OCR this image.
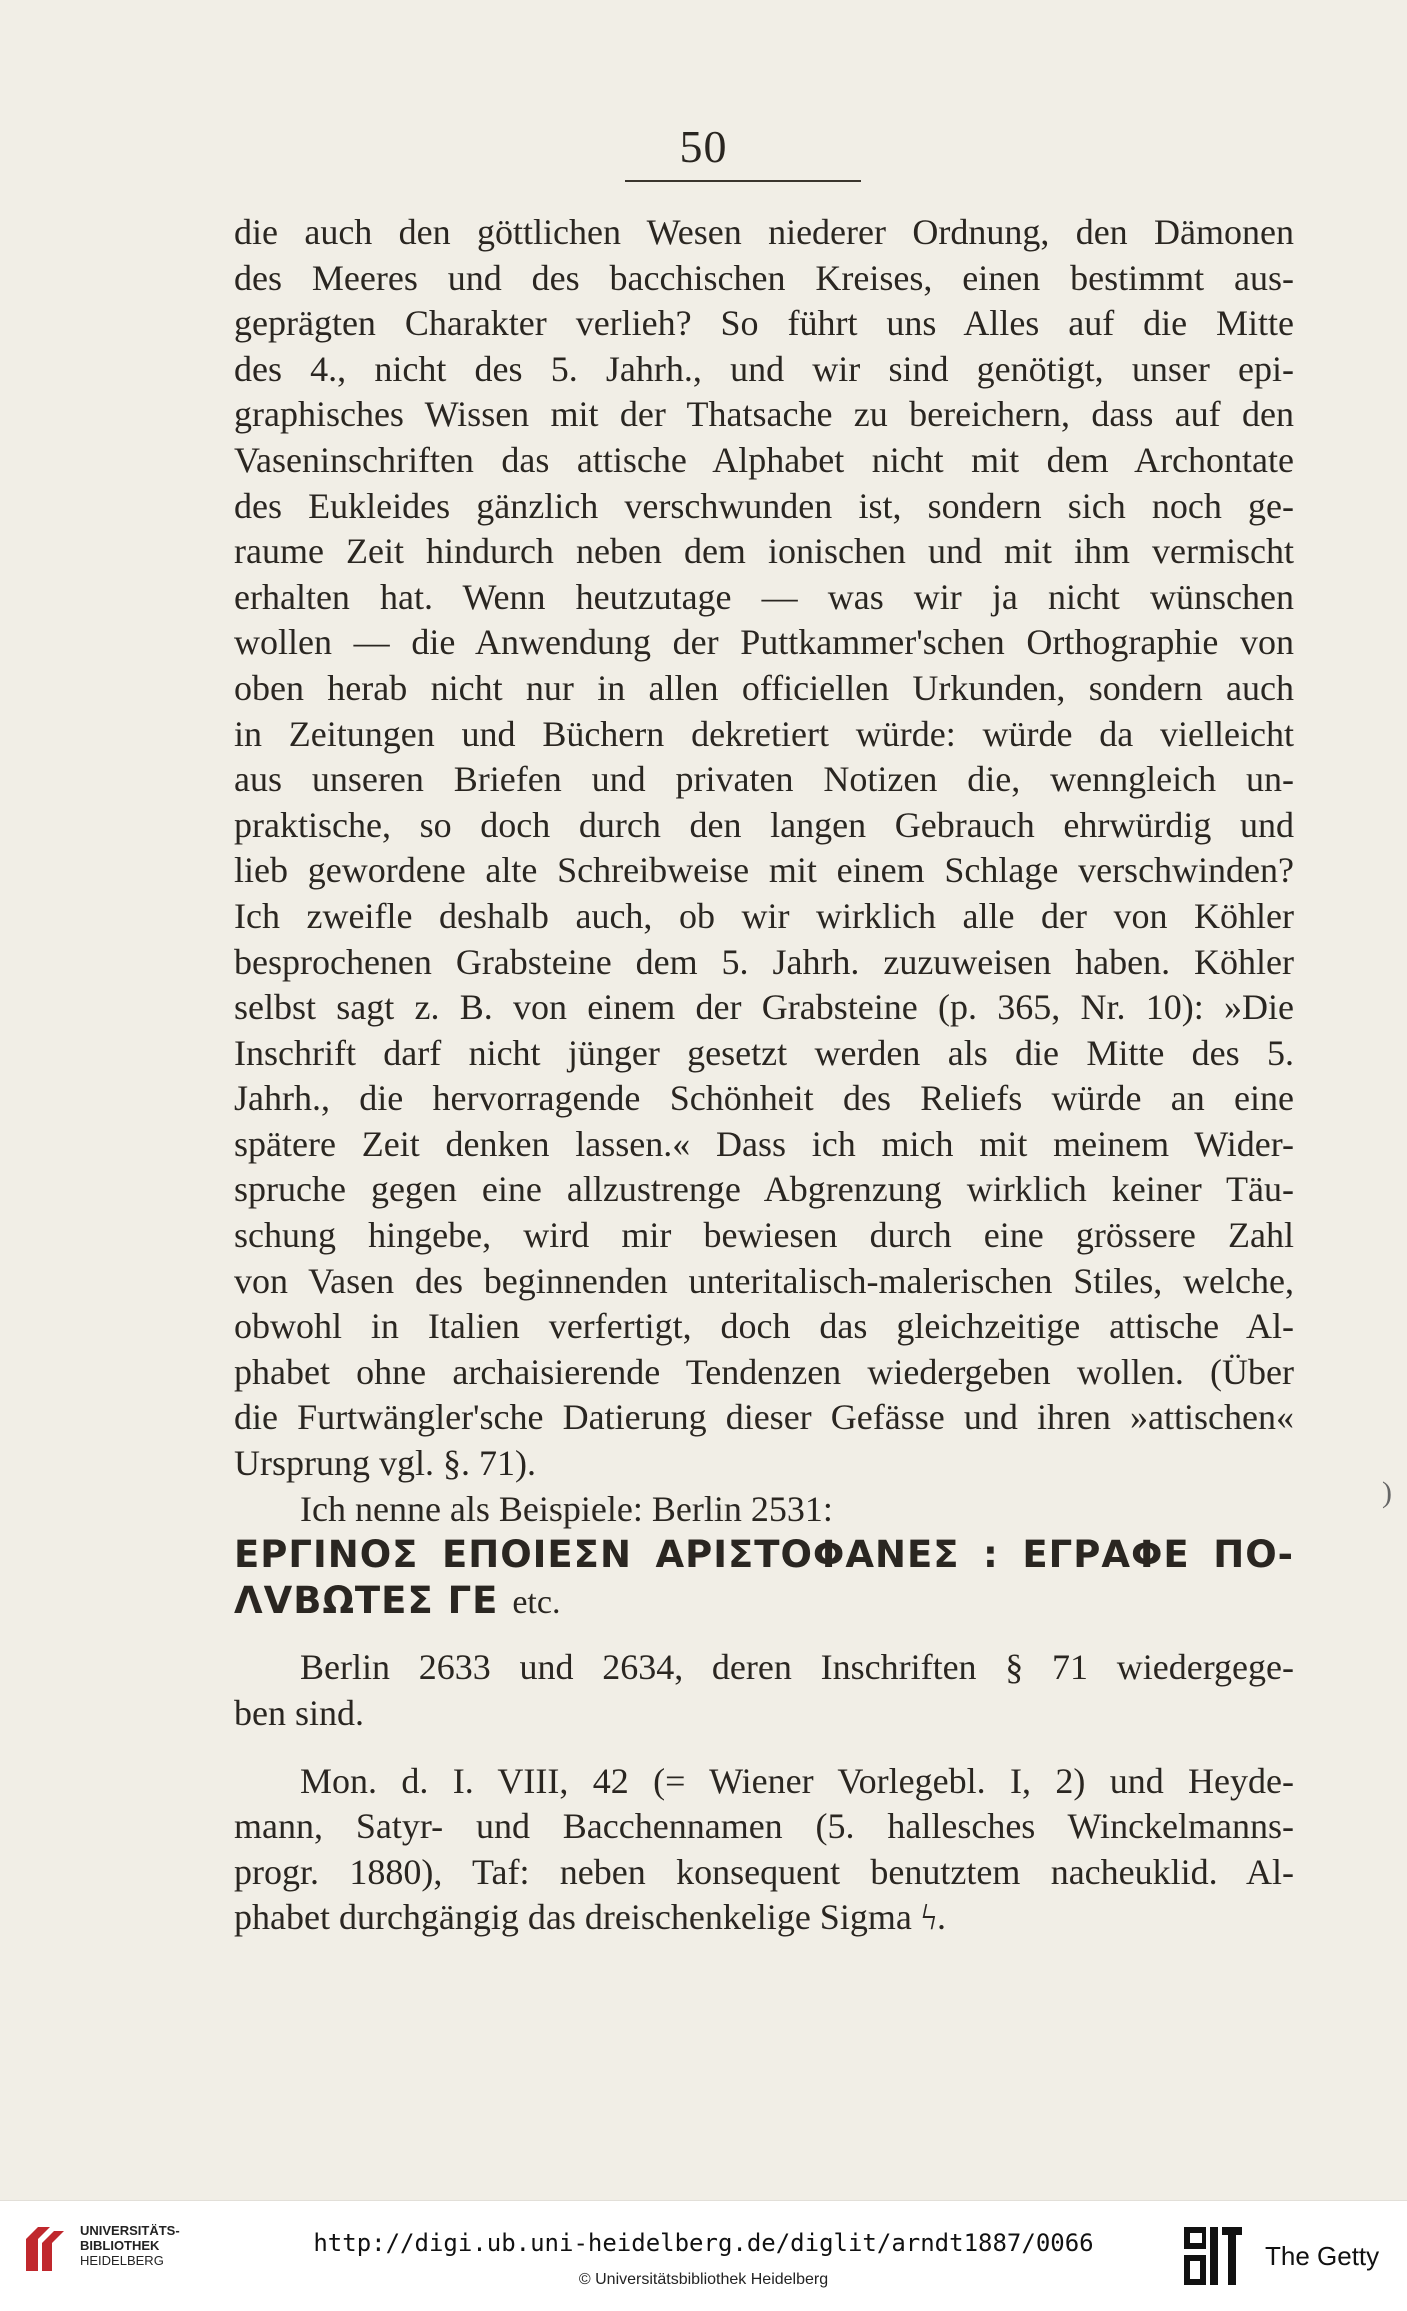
50
die auch den göttlichen Wesen niederer Ordnung, den Dämonen
des Meeres und des bacchischen Kreises, einen bestimmt aus-
geprägten Charakter verlieh? So führt uns Alles auf die Mitte
des 4., nicht des 5. Jahrh., und wir sind genötigt, unser epi-
graphisches Wissen mit der Thatsache zu bereichern, dass auf den
Vaseninschriften das attische Alphabet nicht mit dem Archontate
des Eukleides gänzlich verschwunden ist, sondern sich noch ge-
raume Zeit hindurch neben dem ionischen und mit ihm vermischt
erhalten hat. Wenn heutzutage — was wir ja nicht wünschen
wollen — die Anwendung der Puttkammer'schen Orthographie von
oben herab nicht nur in allen officiellen Urkunden, sondern auch
in Zeitungen und Büchern dekretiert würde: würde da vielleicht
aus unseren Briefen und privaten Notizen die, wenngleich un-
praktische, so doch durch den langen Gebrauch ehrwürdig und
lieb gewordene alte Schreibweise mit einem Schlage verschwinden?
Ich zweifle deshalb auch, ob wir wirklich alle der von Köhler
besprochenen Grabsteine dem 5. Jahrh. zuzuweisen haben. Köhler
selbst sagt z. B. von einem der Grabsteine (p. 365, Nr. 10): »Die
Inschrift darf nicht jünger gesetzt werden als die Mitte des 5.
Jahrh., die hervorragende Schönheit des Reliefs würde an eine
spätere Zeit denken lassen.« Dass ich mich mit meinem Wider-
spruche gegen eine allzustrenge Abgrenzung wirklich keiner Täu-
schung hingebe, wird mir bewiesen durch eine grössere Zahl
von Vasen des beginnenden unteritalisch-malerischen Stiles, welche,
obwohl in Italien verfertigt, doch das gleichzeitige attische Al-
phabet ohne archaisierende Tendenzen wiedergeben wollen. (Über
die Furtwängler'sche Datierung dieser Gefässe und ihren »attischen«
Ursprung vgl. §. 71).
Ich nenne als Beispiele: Berlin 2531:
ΕΡΓΙΝΟΣ ΕΠΟΙΕΣΝ ΑΡΙΣΤΟΦΑΝΕΣ : ΕΓΡΑΦΕ ΠΟ-
ΛVΒΩΤΕΣ ΓΕ etc.
Berlin 2633 und 2634, deren Inschriften § 71 wiedergege-
ben sind.
Mon. d. I. VIII, 42 (= Wiener Vorlegebl. I, 2) und Heyde-
mann, Satyr- und Bacchennamen (5. hallesches Winckelmanns-
progr. 1880), Taf: neben konsequent benutztem nacheuklid. Al-
phabet durchgängig das dreischenkelige Sigma ϟ.
)
UNIVERSITÄTS-
BIBLIOTHEK
HEIDELBERG
http://digi.ub.uni-heidelberg.de/diglit/arndt1887/0066
© Universitätsbibliothek Heidelberg
The Getty
